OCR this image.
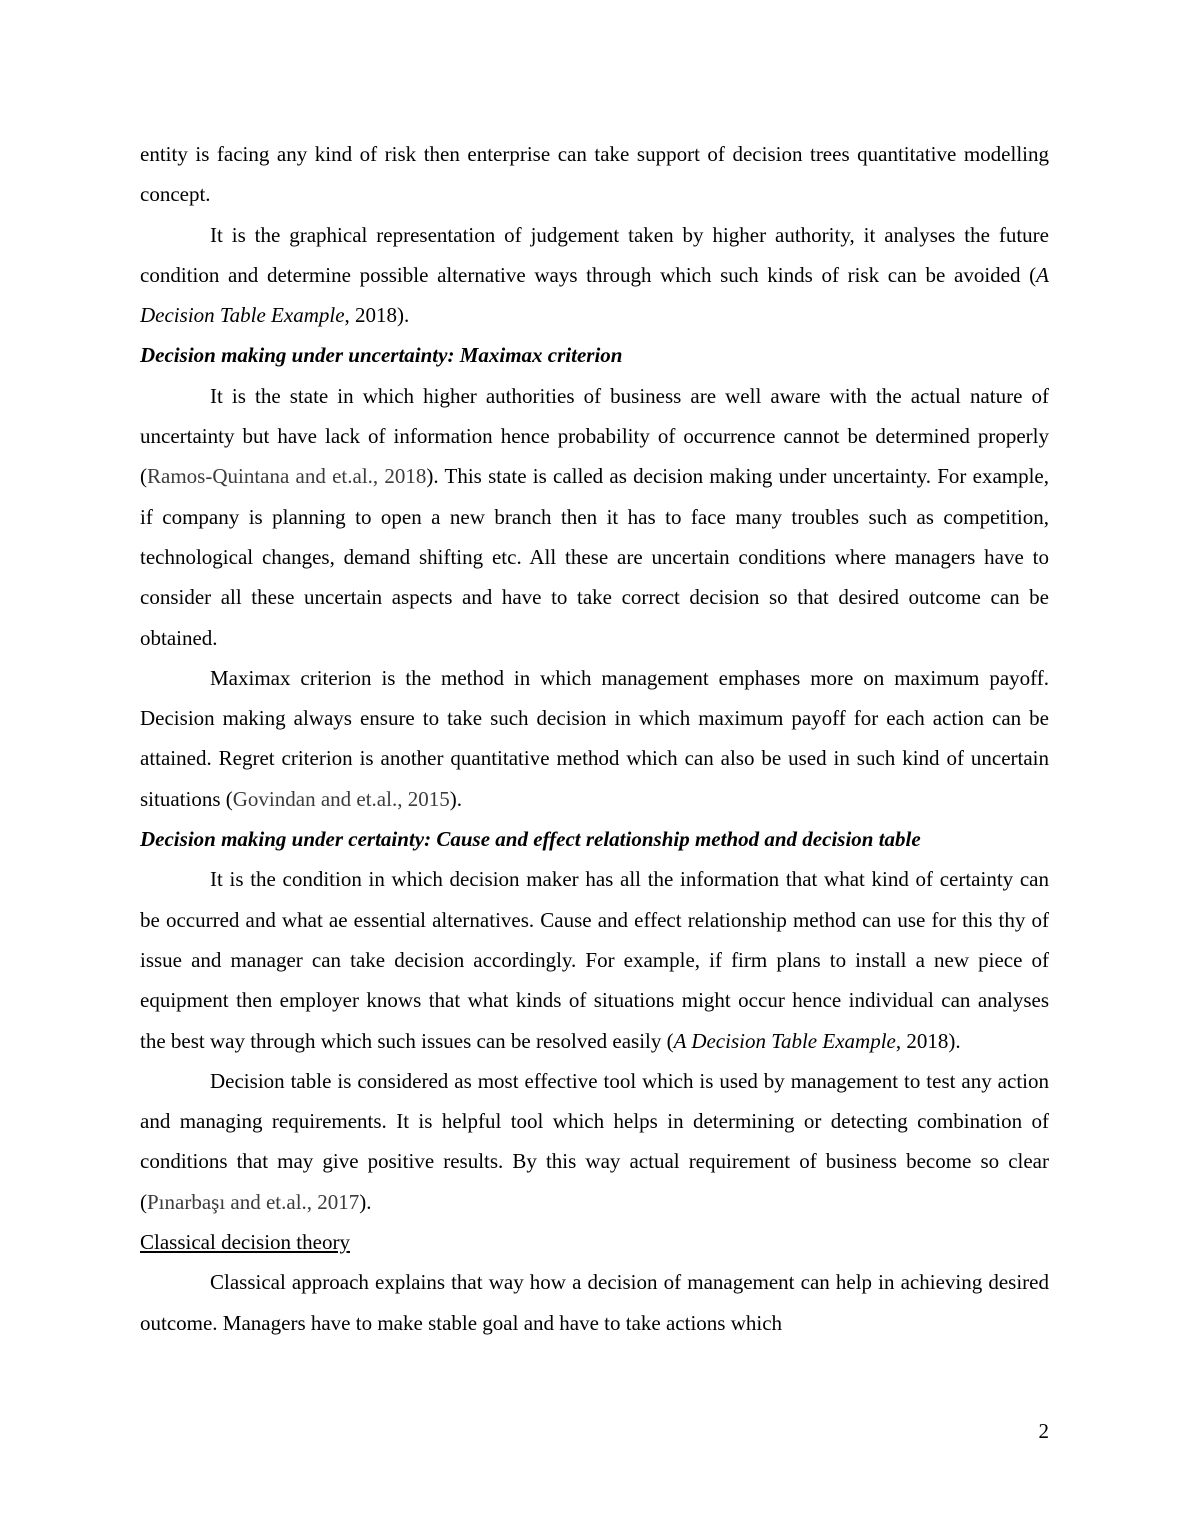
entity is facing any kind of risk then enterprise can take support of decision trees quantitative modelling concept.

It is the graphical representation of judgement taken by higher authority, it analyses the future condition and determine possible alternative ways through which such kinds of risk can be avoided (A Decision Table Example, 2018).

Decision making under uncertainty: Maximax criterion

It is the state in which higher authorities of business are well aware with the actual nature of uncertainty but have lack of information hence probability of occurrence cannot be determined properly (Ramos-Quintana and et.al., 2018). This state is called as decision making under uncertainty. For example, if company is planning to open a new branch then it has to face many troubles such as competition, technological changes, demand shifting etc. All these are uncertain conditions where managers have to consider all these uncertain aspects and have to take correct decision so that desired outcome can be obtained.

Maximax criterion is the method in which management emphases more on maximum payoff. Decision making always ensure to take such decision in which maximum payoff for each action can be attained. Regret criterion is another quantitative method which can also be used in such kind of uncertain situations (Govindan and et.al., 2015).

Decision making under certainty: Cause and effect relationship method and decision table

It is the condition in which decision maker has all the information that what kind of certainty can be occurred and what ae essential alternatives. Cause and effect relationship method can use for this thy of issue and manager can take decision accordingly. For example, if firm plans to install a new piece of equipment then employer knows that what kinds of situations might occur hence individual can analyses the best way through which such issues can be resolved easily (A Decision Table Example, 2018).

Decision table is considered as most effective tool which is used by management to test any action and managing requirements. It is helpful tool which helps in determining or detecting combination of conditions that may give positive results. By this way actual requirement of business become so clear (Pınarbaşı and et.al., 2017).

Classical decision theory

Classical approach explains that way how a decision of management can help in achieving desired outcome. Managers have to make stable goal and have to take actions which

2
